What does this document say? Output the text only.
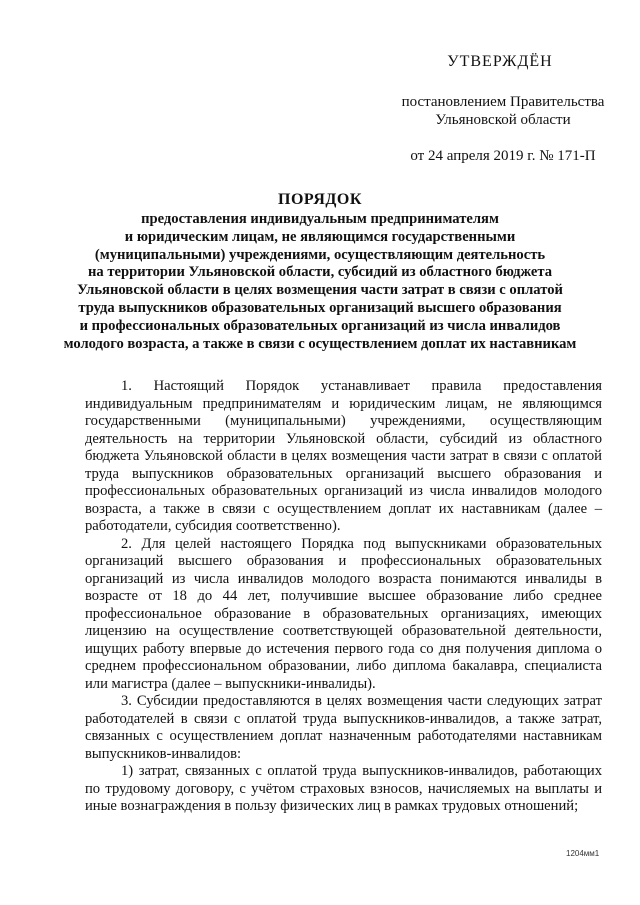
УТВЕРЖДЁН
постановлением Правительства
Ульяновской области
от 24 апреля 2019 г. № 171-П
ПОРЯДОК
предоставления индивидуальным предпринимателям
и юридическим лицам, не являющимся государственными
(муниципальными) учреждениями, осуществляющим деятельность
на территории Ульяновской области, субсидий из областного бюджета
Ульяновской области в целях возмещения части затрат в связи с оплатой
труда выпускников образовательных организаций высшего образования
и профессиональных образовательных организаций из числа инвалидов
молодого возраста, а также в связи с осуществлением доплат их наставникам

1. Настоящий Порядок устанавливает правила предоставления индивидуальным предпринимателям и юридическим лицам, не являющимся государственными (муниципальными) учреждениями, осуществляющим деятельность на территории Ульяновской области, субсидий из областного бюджета Ульяновской области в целях возмещения части затрат в связи с оплатой труда выпускников образовательных организаций высшего образования и профессиональных образовательных организаций из числа инвалидов молодого возраста, а также в связи с осуществлением доплат их наставникам (далее – работодатели, субсидия соответственно).

2. Для целей настоящего Порядка под выпускниками образовательных организаций высшего образования и профессиональных образовательных организаций из числа инвалидов молодого возраста понимаются инвалиды в возрасте от 18 до 44 лет, получившие высшее образование либо среднее профессиональное образование в образовательных организациях, имеющих лицензию на осуществление соответствующей образовательной деятельности, ищущих работу впервые до истечения первого года со дня получения диплома о среднем профессиональном образовании, либо диплома бакалавра, специалиста или магистра (далее – выпускники-инвалиды).

3. Субсидии предоставляются в целях возмещения части следующих затрат работодателей в связи с оплатой труда выпускников-инвалидов, а также затрат, связанных с осуществлением доплат назначенным работодателями наставникам выпускников-инвалидов:

1) затрат, связанных с оплатой труда выпускников-инвалидов, работающих по трудовому договору, с учётом страховых взносов, начисляемых на выплаты и иные вознаграждения в пользу физических лиц в рамках трудовых отношений;

1204мм1
